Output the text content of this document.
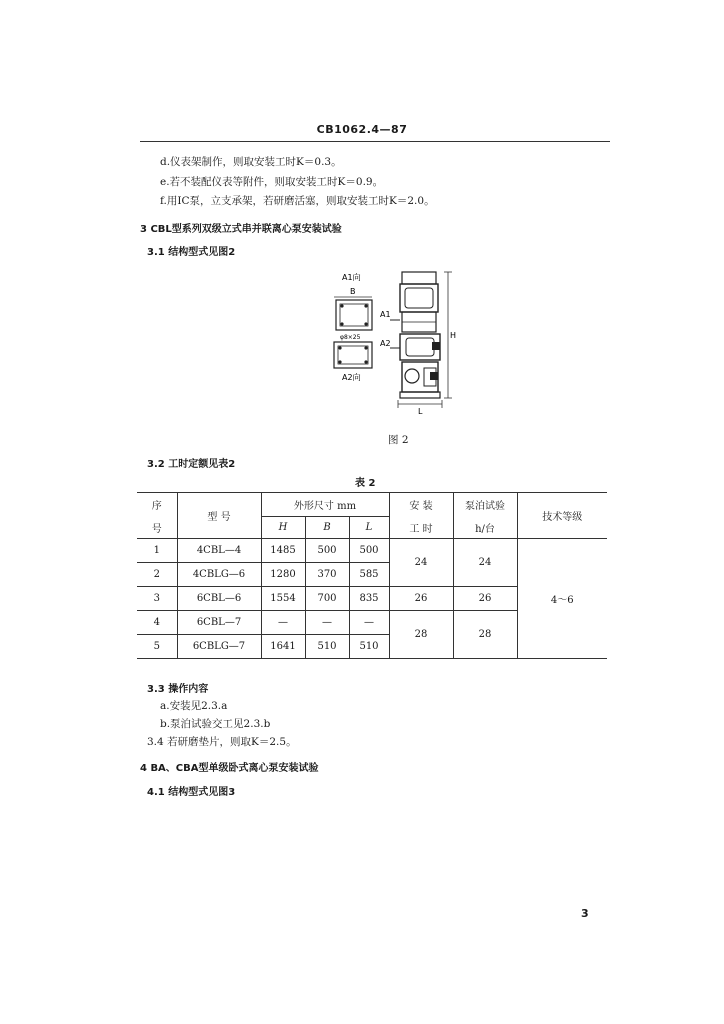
CB1062.4—87
d.仪表架制作，则取安装工时K＝0.3。
e.若不装配仪表等附件，则取安装工时K＝0.9。
f.用IC泵，立支承架，若研磨活塞，则取安装工时K＝2.0。
3 CBL型系列双级立式串并联离心泵安装试验
3.1 结构型式见图2
A1向
B
φ8×25
A2向
A1
A2
H
L
图 2
3.2 工时定额见表2
表 2
序
号	型 号	外形尺寸 mm			安 装	泵泊试验	技术等级
		H	B	L	工 时	h/台	
1	4CBL—4	1485	500	500	24	24	4～6
2	4CBLG—6	1280	370	585			
3	6CBL—6	1554	700	835	26	26	
4	6CBL—7	—	—	—	28	28	
5	6CBLG—7	1641	510	510			
3.3 操作内容
a.安装见2.3.a
b.泵泊试验交工见2.3.b
3.4 若研磨垫片，则取K＝2.5。
4 BA、CBA型单级卧式离心泵安装试验
4.1 结构型式见图3
3
